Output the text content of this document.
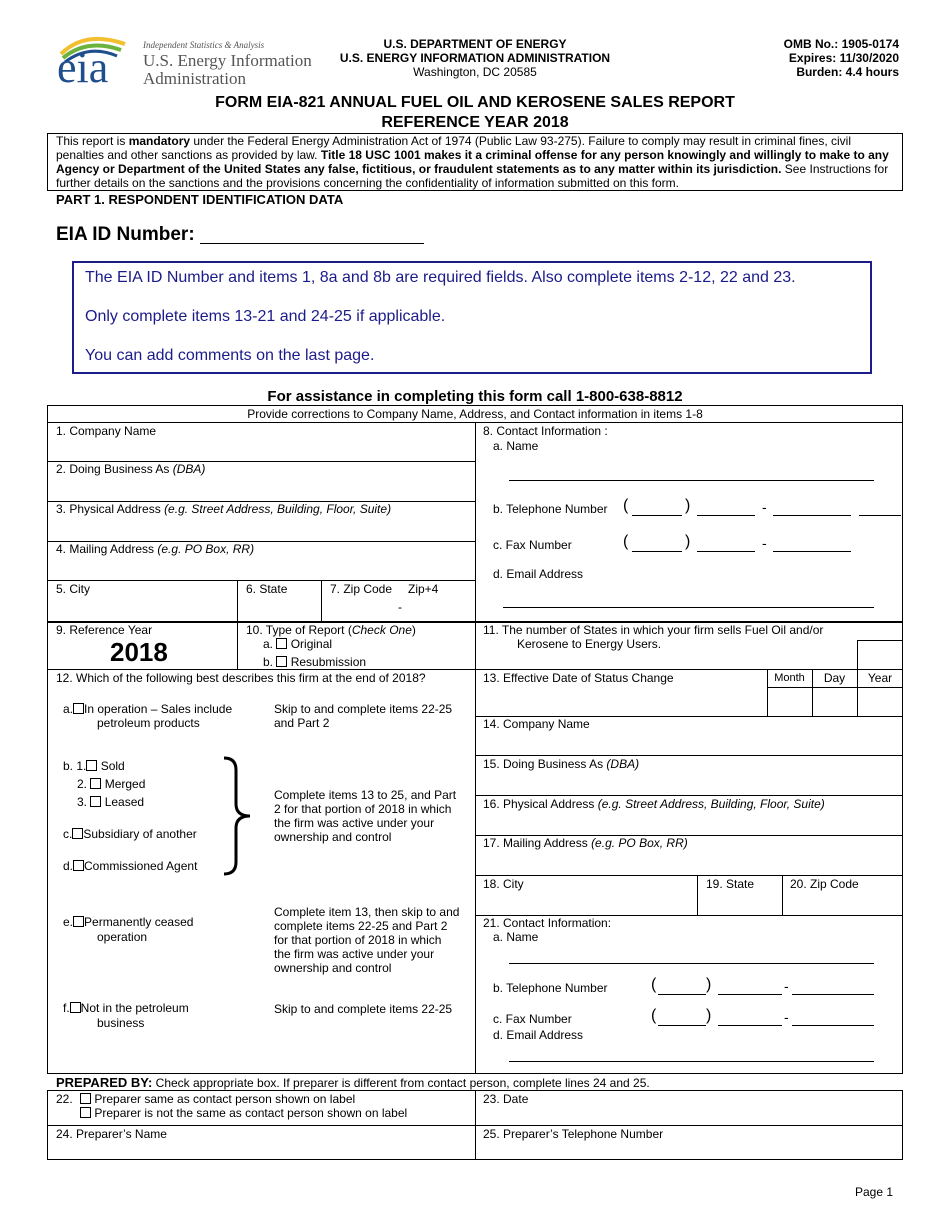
eia	Independent Statistics & Analysis
U.S. Energy Information
Administration
U.S. DEPARTMENT OF ENERGY
U.S. ENERGY INFORMATION ADMINISTRATION
Washington, DC 20585
OMB No.: 1905-0174
Expires: 11/30/2020
Burden: 4.4 hours
FORM EIA-821 ANNUAL FUEL OIL AND KEROSENE SALES REPORT
REFERENCE YEAR 2018
This report is mandatory under the Federal Energy Administration Act of 1974 (Public Law 93-275). Failure to comply may result in criminal fines, civil penalties and other sanctions as provided by law. Title 18 USC 1001 makes it a criminal offense for any person knowingly and willingly to make to any Agency or Department of the United States any false, fictitious, or fraudulent statements as to any matter within its jurisdiction. See Instructions for further details on the sanctions and the provisions concerning the confidentiality of information submitted on this form.
PART 1. RESPONDENT IDENTIFICATION DATA
EIA ID Number:
The EIA ID Number and items 1, 8a and 8b are required fields. Also complete items 2-12, 22 and 23.
Only complete items 13-21 and 24-25 if applicable.
You can add comments on the last page.
For assistance in completing this form call 1-800-638-8812
Provide corrections to Company Name, Address, and Contact information in items 1-8
1. Company Name
2. Doing Business As (DBA)
3. Physical Address (e.g. Street Address, Building, Floor, Suite)
4. Mailing Address (e.g. PO Box, RR)
5. City	6. State	7. Zip Code Zip+4
-
8. Contact Information :
a. Name
b. Telephone Number (	)	-
c. Fax Number	(	)	-
d. Email Address
9. Reference Year
2018
10. Type of Report (Check One)
a. Original
b. Resubmission
11. The number of States in which your firm sells Fuel Oil and/or
Kerosene to Energy Users.
12. Which of the following best describes this firm at the end of 2018?
a. In operation – Sales include
petroleum products
Skip to and complete items 22-25
and Part 2
b. 1. Sold
2. Merged
3. Leased
c. Subsidiary of another
d. Commissioned Agent
Complete items 13 to 25, and Part
2 for that portion of 2018 in which
the firm was active under your
ownership and control
e. Permanently ceased
operation
Complete item 13, then skip to and
complete items 22-25 and Part 2
for that portion of 2018 in which
the firm was active under your
ownership and control
f. Not in the petroleum
business
Skip to and complete items 22-25
13. Effective Date of Status Change	Month	Day	Year
14. Company Name
15. Doing Business As (DBA)
16. Physical Address (e.g. Street Address, Building, Floor, Suite)
17. Mailing Address (e.g. PO Box, RR)
18. City	19. State	20. Zip Code
21. Contact Information:
a. Name
b. Telephone Number	(	)	-
c. Fax Number	(	)	-
d. Email Address
PREPARED BY: Check appropriate box. If preparer is different from contact person, complete lines 24 and 25.
22.	Preparer same as contact person shown on label
Preparer is not the same as contact person shown on label
23. Date
24. Preparer’s Name	25. Preparer’s Telephone Number
Page 1
